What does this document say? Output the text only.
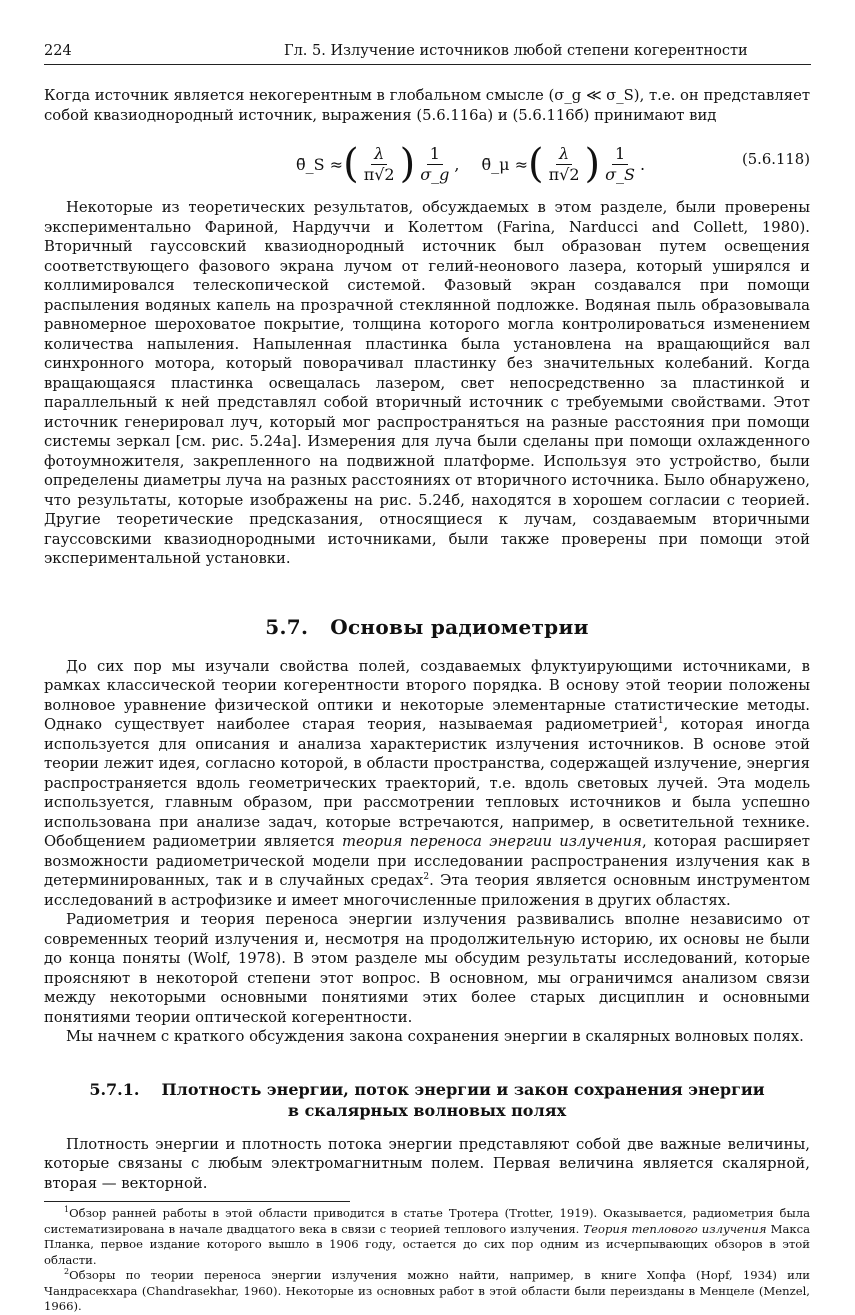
224	Гл. 5. Излучение источников любой степени когерентности

Когда источник является некогерентным в глобальном смысле (σ_g ≪ σ_S), т.е. он представляет собой квазиоднородный источник, выражения (5.6.116а) и (5.6.116б) принимают вид

θ̄_S ≈ ( $\frac{\lambda}{\pi√2}$ ) $\frac{1}{\sigma\_g}$ , θ̄_μ ≈ ( $\frac{\lambda}{\pi√2}$ ) $\frac{1}{\sigma\_S}$ .	(5.6.118)

Некоторые из теоретических результатов, обсуждаемых в этом разделе, были проверены экспериментально Фариной, Нардуччи и Колеттом (Farina, Narducci and Collett, 1980). Вторичный гауссовский квазиоднородный источник был образован путем освещения соответствующего фазового экрана лучом от гелий-неонового лазера, который уширялся и коллимировался телескопической системой. Фазовый экран создавался при помощи распыления водяных капель на прозрачной стеклянной подложке. Водяная пыль образовывала равномерное шероховатое покрытие, толщина которого могла контролироваться изменением количества напыления. Напыленная пластинка была установлена на вращающийся вал синхронного мотора, который поворачивал пластинку без значительных колебаний. Когда вращающаяся пластинка освещалась лазером, свет непосредственно за пластинкой и параллельный к ней представлял собой вторичный источник с требуемыми свойствами. Этот источник генерировал луч, который мог распространяться на разные расстояния при помощи системы зеркал [см. рис. 5.24а]. Измерения для луча были сделаны при помощи охлажденного фотоумножителя, закрепленного на подвижной платформе. Используя это устройство, были определены диаметры луча на разных расстояниях от вторичного источника. Было обнаружено, что результаты, которые изображены на рис. 5.24б, находятся в хорошем согласии с теорией. Другие теоретические предсказания, относящиеся к лучам, создаваемым вторичными гауссовскими квазиоднородными источниками, были также проверены при помощи этой экспериментальной установки.

5.7. Основы радиометрии

До сих пор мы изучали свойства полей, создаваемых флуктуирующими источниками, в рамках классической теории когерентности второго порядка. В основу этой теории положены волновое уравнение физической оптики и некоторые элементарные статистические методы. Однако существует наиболее старая теория, называемая радиометрией$^1$, которая иногда используется для описания и анализа характеристик излучения источников. В основе этой теории лежит идея, согласно которой, в области пространства, содержащей излучение, энергия распространяется вдоль геометрических траекторий, т.е. вдоль световых лучей. Эта модель используется, главным образом, при рассмотрении тепловых источников и была успешно использована при анализе задач, которые встречаются, например, в осветительной технике. Обобщением радиометрии является теория переноса энергии излучения, которая расширяет возможности радиометрической модели при исследовании распространения излучения как в детерминированных, так и в случайных средах$^2$. Эта теория является основным инструментом исследований в астрофизике и имеет многочисленные приложения в других областях.

Радиометрия и теория переноса энергии излучения развивались вполне независимо от современных теорий излучения и, несмотря на продолжительную историю, их основы не были до конца поняты (Wolf, 1978). В этом разделе мы обсудим результаты исследований, которые проясняют в некоторой степени этот вопрос. В основном, мы ограничимся анализом связи между некоторыми основными понятиями этих более старых дисциплин и основными понятиями теории оптической когерентности.

Мы начнем с краткого обсуждения закона сохранения энергии в скалярных волновых полях.

5.7.1. Плотность энергии, поток энергии и закон сохранения энергии
в скалярных волновых полях

Плотность энергии и плотность потока энергии представляют собой две важные величины, которые связаны с любым электромагнитным полем. Первая величина является скалярной, вторая — векторной.

$^1$Обзор ранней работы в этой области приводится в статье Тротера (Trotter, 1919). Оказывается, радиометрия была систематизирована в начале двадцатого века в связи с теорией теплового излучения. Теория теплового излучения Макса Планка, первое издание которого вышло в 1906 году, остается до сих пор одним из исчерпывающих обзоров в этой области.

$^2$Обзоры по теории переноса энергии излучения можно найти, например, в книге Хопфа (Hopf, 1934) или Чандрасекхара (Chandrasekhar, 1960). Некоторые из основных работ в этой области были переизданы в Менцеле (Menzel, 1966).
